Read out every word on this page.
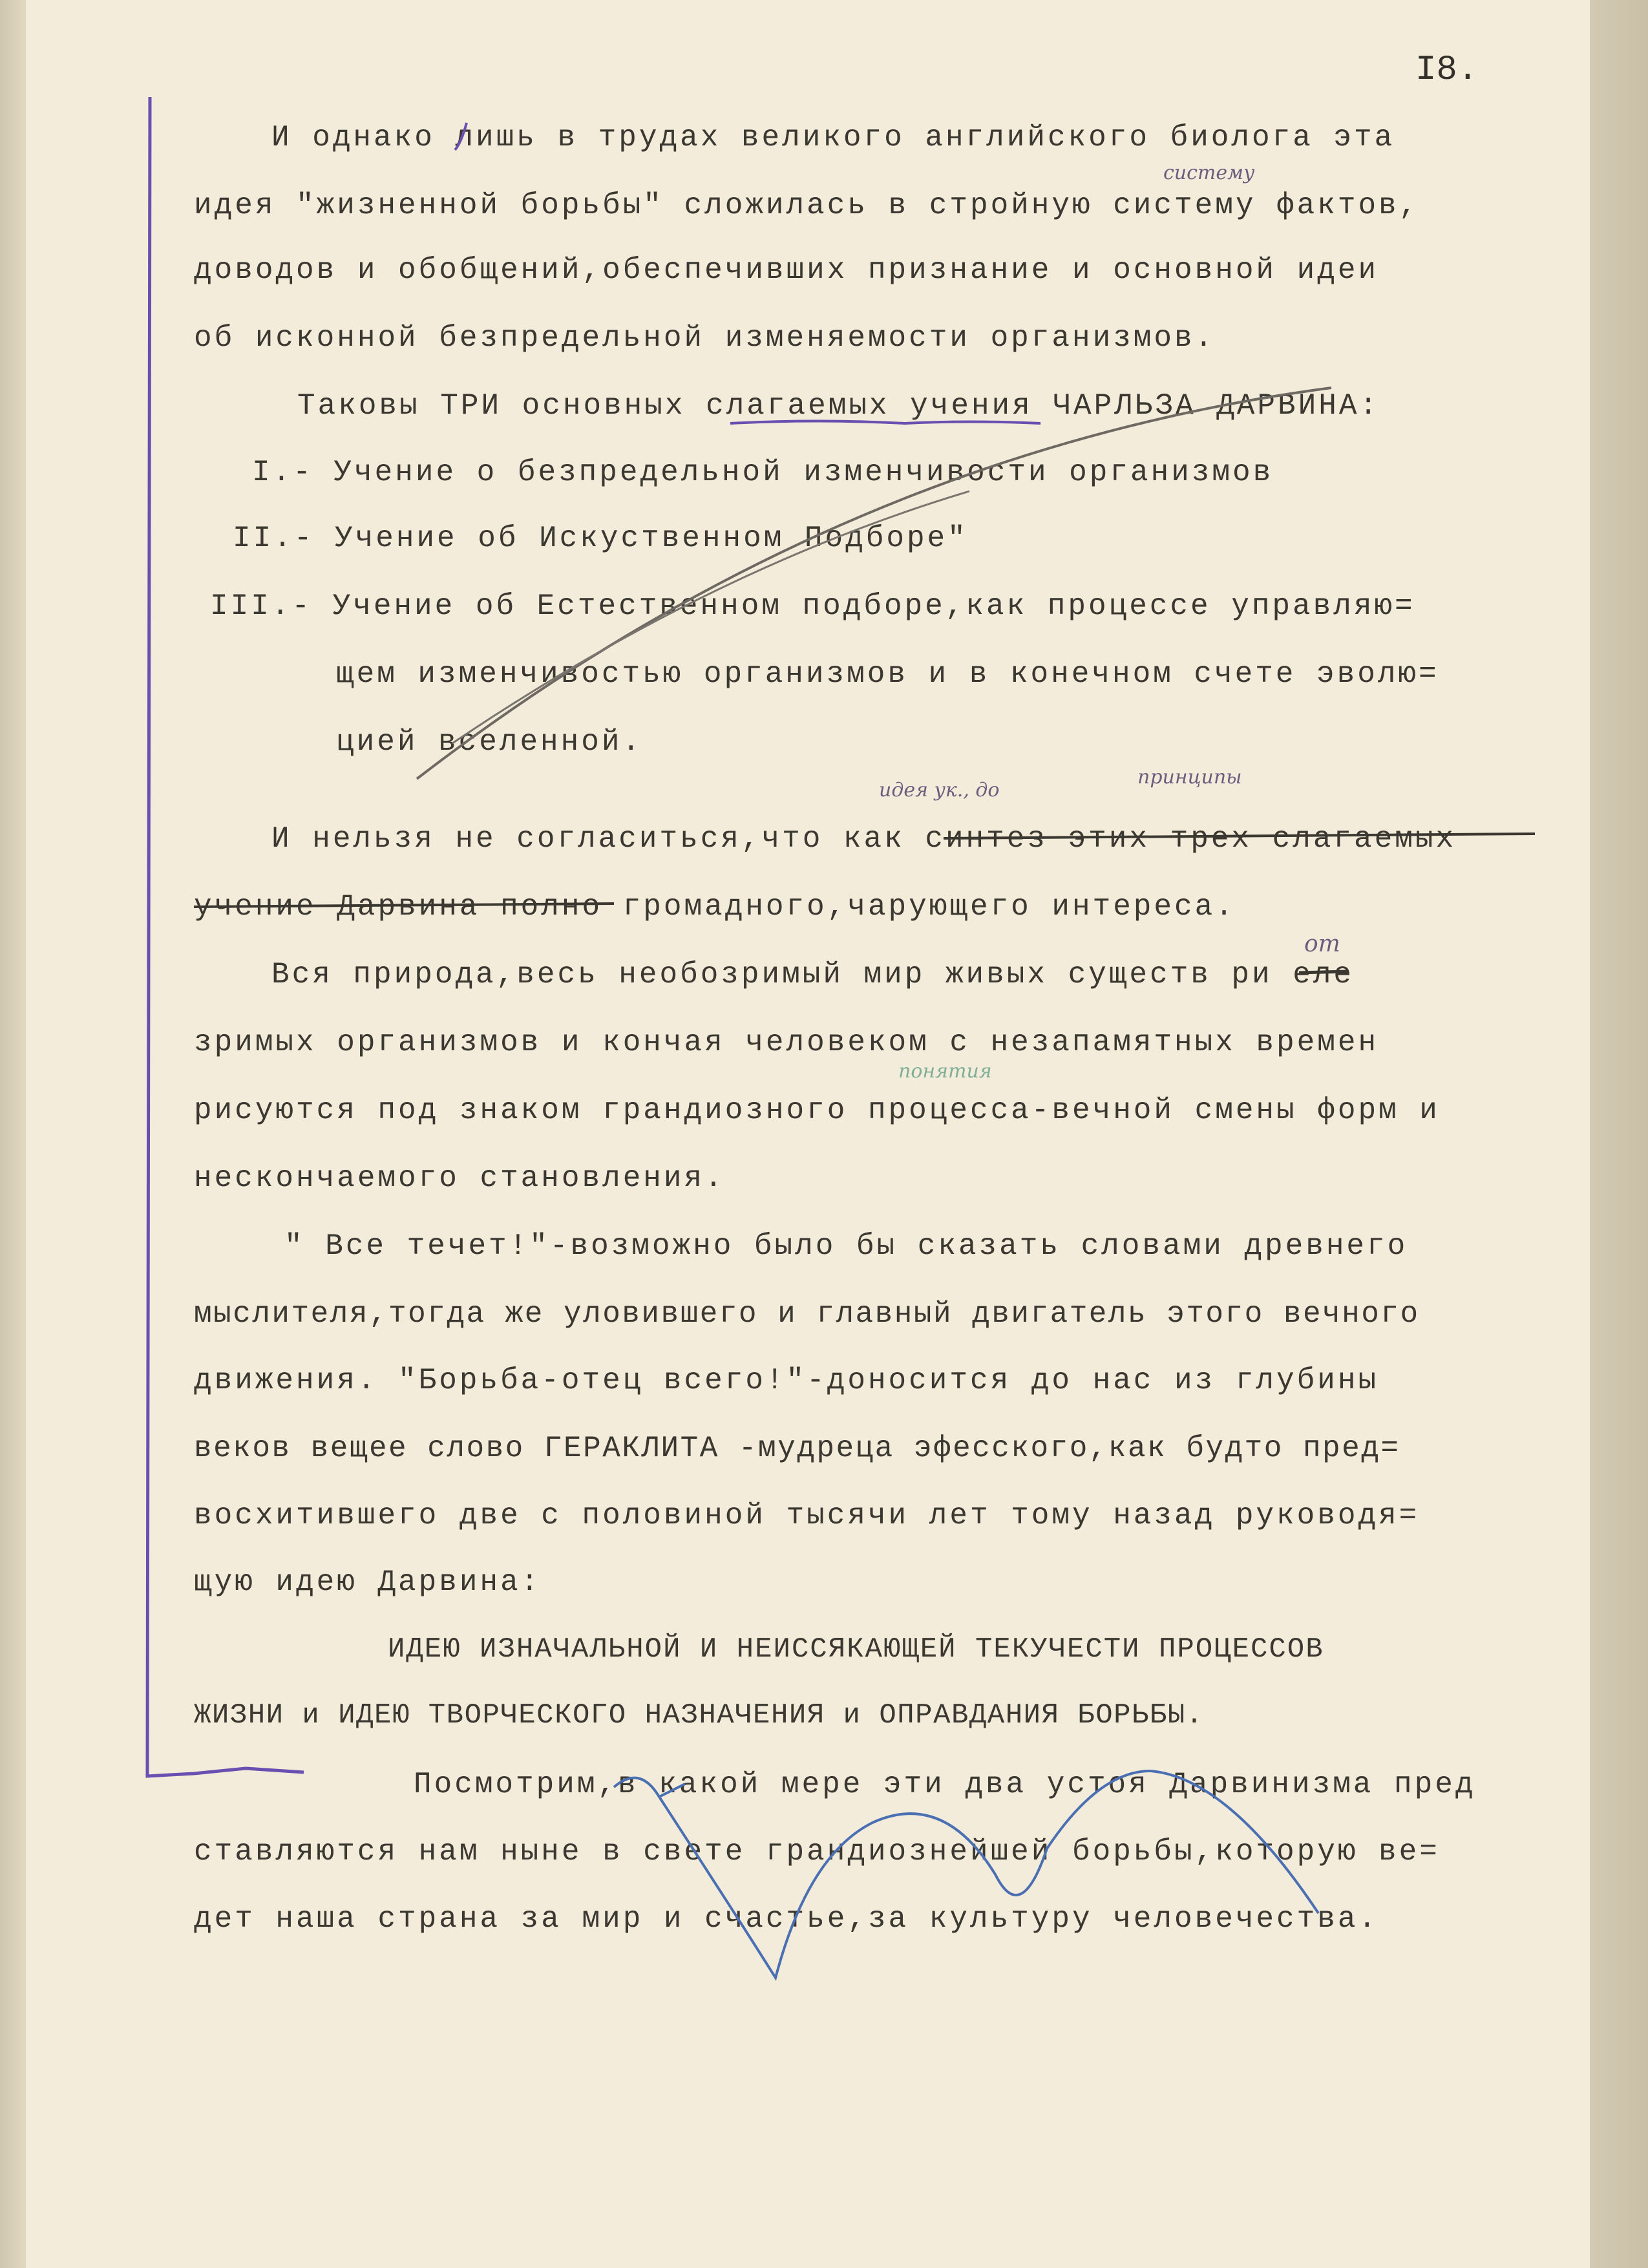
I8.
систему
идея ук., до
принципы
от
понятия
И однако лишь в трудах великого английского биолога эта
идея "жизненной борьбы" сложилась в стройную систему фактов,
доводов и обобщений,обеспечивших признание и основной идеи
об исконной безпредельной изменяемости организмов.
Таковы ТРИ основных слагаемых учения ЧАРЛЬЗА ДАРВИНА:
I.- Учение о безпредельной изменчивости организмов
II.- Учение об Искуственном Подборе"
III.- Учение об Естественном подборе,как процессе управляю=
щем изменчивостью организмов и в конечном счете эволю=
цией вселенной.
И нельзя не согласиться,что как синтез этих трех слагаемых
учение Дарвина полно громадного,чарующего интереса.
Вся природа,весь необозримый мир живых существ ри еле
зримых организмов и кончая человеком с незапамятных времен
рисуются под знаком грандиозного процесса-вечной смены форм и
нескончаемого становления.
" Все течет!"-возможно было бы сказать словами древнего
мыслителя,тогда же уловившего и главный двигатель этого вечного
движения. "Борьба-отец всего!"-доносится до нас из глубины
веков вещее слово ГЕРАКЛИТА -мудреца эфесского,как будто пред=
восхитившего две с половиной тысячи лет тому назад руководя=
щую идею Дарвина:
ИДЕЮ ИЗНАЧАЛЬНОЙ И НЕИССЯКАЮЩЕЙ ТЕКУЧЕСТИ ПРОЦЕССОВ
ЖИЗНИ и ИДЕЮ ТВОРЧЕСКОГО НАЗНАЧЕНИЯ и ОПРАВДАНИЯ БОРЬБЫ.
Посмотрим,в какой мере эти два устоя Дарвинизма пред
ставляются нам ныне в свете грандиознейшей борьбы,которую ве=
дет наша страна за мир и счастье,за культуру человечества.
